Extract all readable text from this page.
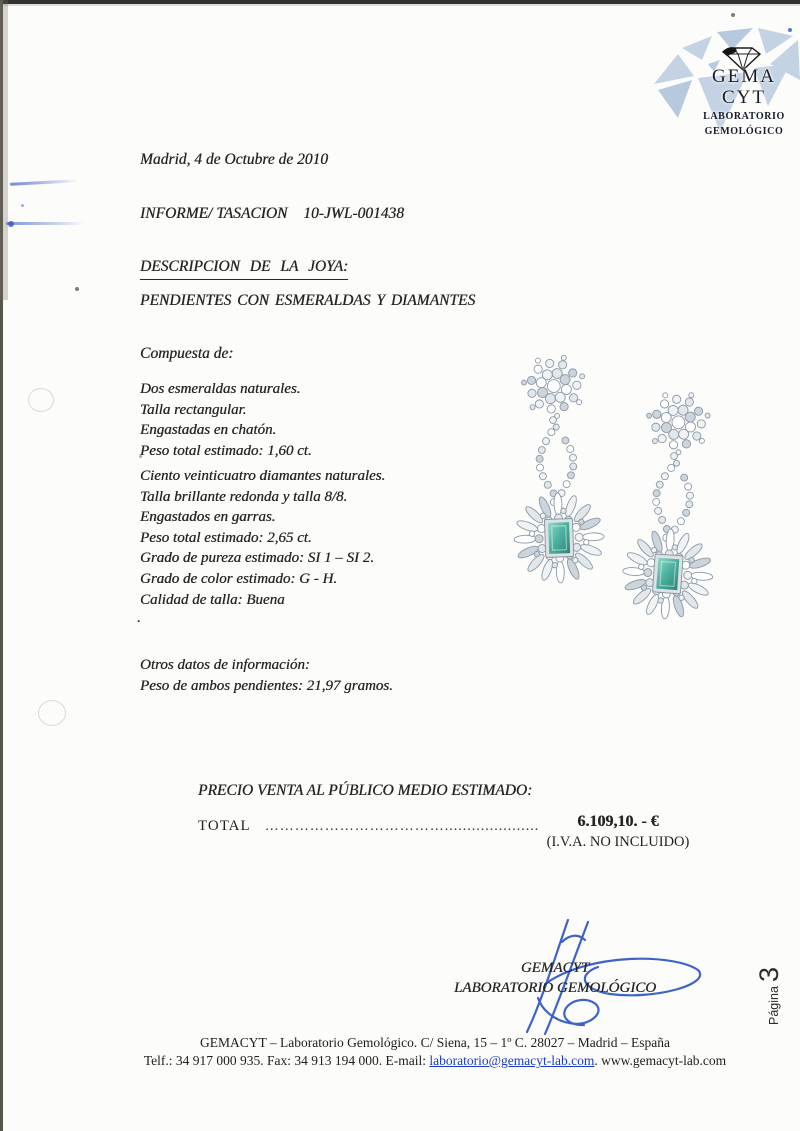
GEMA
CYT
LABORATORIO
GEMOLÓGICO
Madrid, 4 de Octubre de 2010
INFORME/ TASACION 10-JWL-001438
DESCRIPCION DE LA JOYA:
PENDIENTES CON ESMERALDAS Y DIAMANTES
Compuesta de:
Dos esmeraldas naturales.
Talla rectangular.
Engastadas en chatón.
Peso total estimado: 1,60 ct.
Ciento veinticuatro diamantes naturales.
Talla brillante redonda y talla 8/8.
Engastados en garras.
Peso total estimado: 2,65 ct.
Grado de pureza estimado: SI 1 – SI 2.
Grado de color estimado: G - H.
Calidad de talla: Buena
.
Otros datos de información:
Peso de ambos pendientes: 21,97 gramos.
PRECIO VENTA AL PÚBLICO MEDIO ESTIMADO:
TOTAL ……………………………….....................	6.109,10. - €
(I.V.A. NO INCLUIDO)
GEMACYT
LABORATORIO GEMOLÓGICO	Página
3
GEMACYT – Laboratorio Gemológico. C/ Siena, 15 – 1º C. 28027 – Madrid – España
Telf.: 34 917 000 935. Fax: 34 913 194 000. E-mail: laboratorio@gemacyt-lab.com. www.gemacyt-lab.com
